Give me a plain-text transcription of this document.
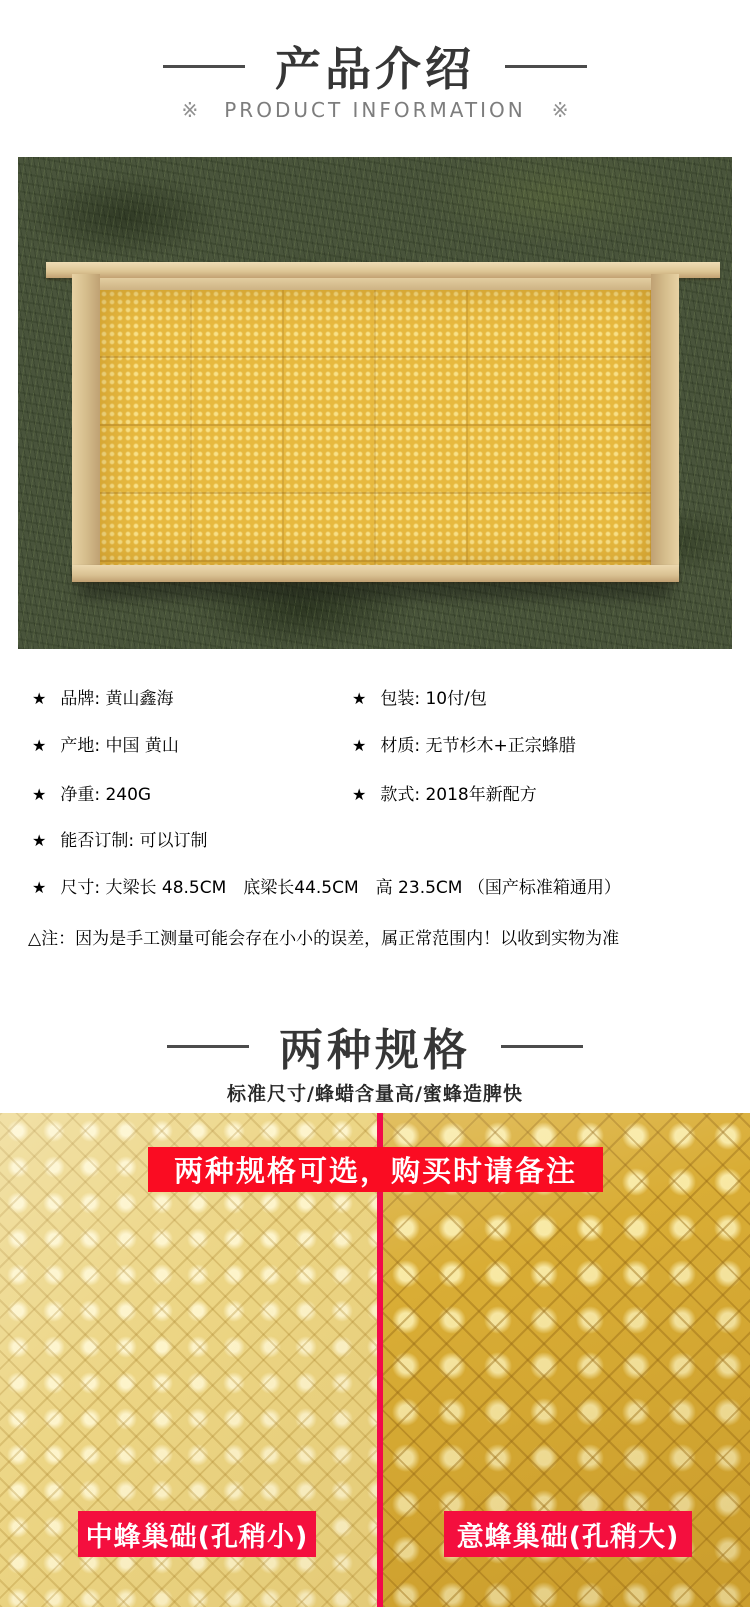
产品介绍
※ PRODUCT INFORMATION ※
★ 品牌: 黄山鑫海	★ 包装: 10付/包
★ 产地: 中国 黄山	★ 材质: 无节杉木+正宗蜂腊
★ 净重: 240G	★ 款式: 2018年新配方
★ 能否订制: 可以订制
★ 尺寸: 大梁长 48.5CM　底梁长44.5CM　高 23.5CM （国产标准箱通用）
△注：因为是手工测量可能会存在小小的误差，属正常范围内！以收到实物为准
两种规格
标准尺寸/蜂蜡含量高/蜜蜂造脾快
两种规格可选，购买时请备注
中蜂巢础(孔稍小)	意蜂巢础(孔稍大)
